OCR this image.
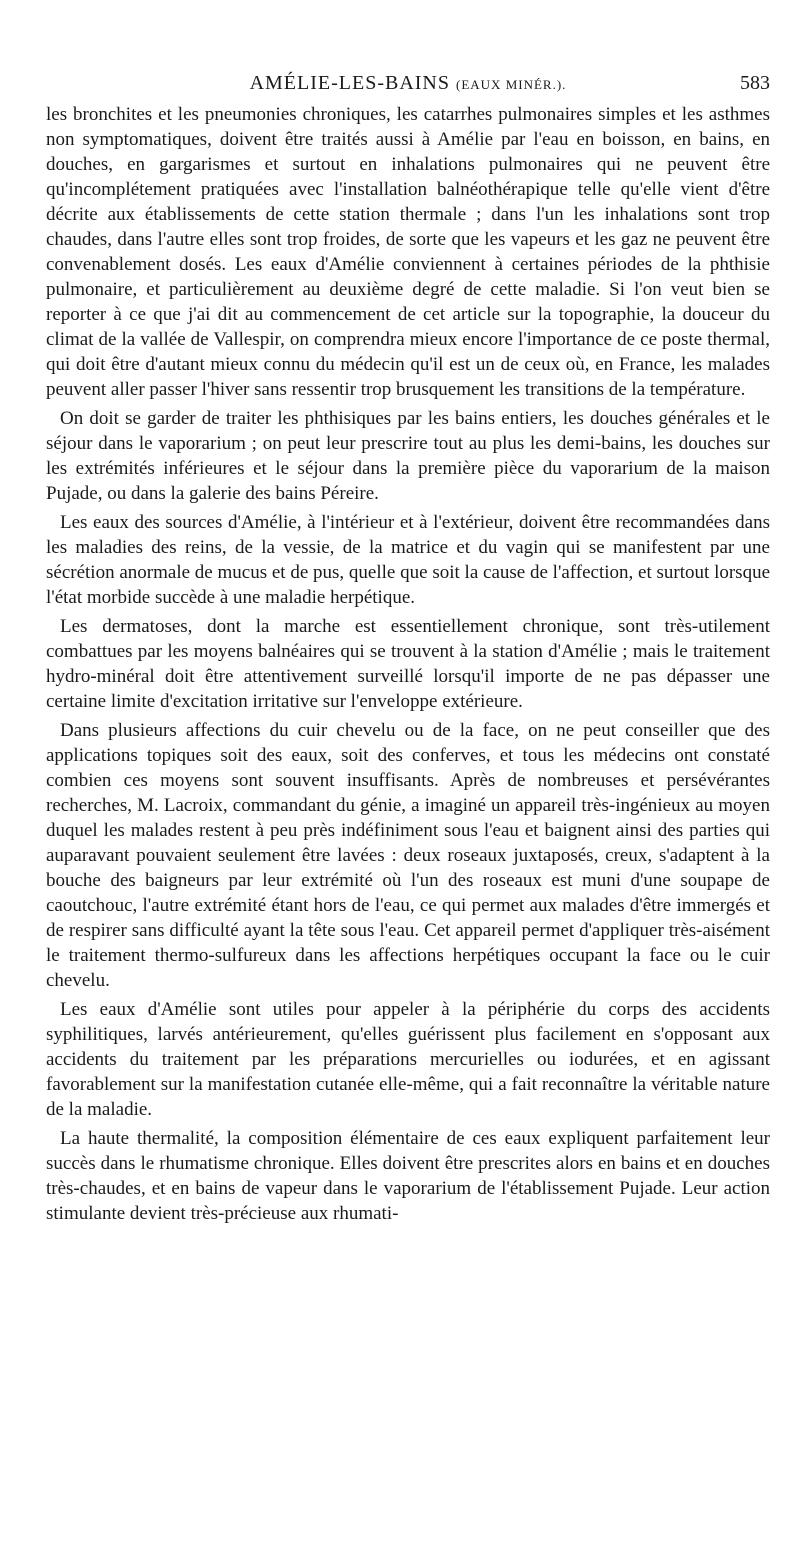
AMÉLIE-LES-BAINS (EAUX MINÉR.).	583

les bronchites et les pneumonies chroniques, les catarrhes pulmonaires simples et les asthmes non symptomatiques, doivent être traités aussi à Amélie par l'eau en boisson, en bains, en douches, en gargarismes et surtout en inhalations pulmonaires qui ne peuvent être qu'incomplétement pratiquées avec l'installation balnéothérapique telle qu'elle vient d'être décrite aux établissements de cette station thermale ; dans l'un les inhalations sont trop chaudes, dans l'autre elles sont trop froides, de sorte que les vapeurs et les gaz ne peuvent être convenablement dosés. Les eaux d'Amélie conviennent à certaines périodes de la phthisie pulmonaire, et particulièrement au deuxième degré de cette maladie. Si l'on veut bien se reporter à ce que j'ai dit au commencement de cet article sur la topographie, la douceur du climat de la vallée de Vallespir, on comprendra mieux encore l'importance de ce poste thermal, qui doit être d'autant mieux connu du médecin qu'il est un de ceux où, en France, les malades peuvent aller passer l'hiver sans ressentir trop brusquement les transitions de la température.

On doit se garder de traiter les phthisiques par les bains entiers, les douches générales et le séjour dans le vaporarium ; on peut leur prescrire tout au plus les demi-bains, les douches sur les extrémités inférieures et le séjour dans la première pièce du vaporarium de la maison Pujade, ou dans la galerie des bains Péreire.

Les eaux des sources d'Amélie, à l'intérieur et à l'extérieur, doivent être recommandées dans les maladies des reins, de la vessie, de la matrice et du vagin qui se manifestent par une sécrétion anormale de mucus et de pus, quelle que soit la cause de l'affection, et surtout lorsque l'état morbide succède à une maladie herpétique.

Les dermatoses, dont la marche est essentiellement chronique, sont très-utilement combattues par les moyens balnéaires qui se trouvent à la station d'Amélie ; mais le traitement hydro-minéral doit être attentivement surveillé lorsqu'il importe de ne pas dépasser une certaine limite d'excitation irritative sur l'enveloppe extérieure.

Dans plusieurs affections du cuir chevelu ou de la face, on ne peut conseiller que des applications topiques soit des eaux, soit des conferves, et tous les médecins ont constaté combien ces moyens sont souvent insuffisants. Après de nombreuses et persévérantes recherches, M. Lacroix, commandant du génie, a imaginé un appareil très-ingénieux au moyen duquel les malades restent à peu près indéfiniment sous l'eau et baignent ainsi des parties qui auparavant pouvaient seulement être lavées : deux roseaux juxtaposés, creux, s'adaptent à la bouche des baigneurs par leur extrémité où l'un des roseaux est muni d'une soupape de caoutchouc, l'autre extrémité étant hors de l'eau, ce qui permet aux malades d'être immergés et de respirer sans difficulté ayant la tête sous l'eau. Cet appareil permet d'appliquer très-aisément le traitement thermo-sulfureux dans les affections herpétiques occupant la face ou le cuir chevelu.

Les eaux d'Amélie sont utiles pour appeler à la périphérie du corps des accidents syphilitiques, larvés antérieurement, qu'elles guérissent plus facilement en s'opposant aux accidents du traitement par les préparations mercurielles ou iodurées, et en agissant favorablement sur la manifestation cutanée elle-même, qui a fait reconnaître la véritable nature de la maladie.

La haute thermalité, la composition élémentaire de ces eaux expliquent parfaitement leur succès dans le rhumatisme chronique. Elles doivent être prescrites alors en bains et en douches très-chaudes, et en bains de vapeur dans le vaporarium de l'établissement Pujade. Leur action stimulante devient très-précieuse aux rhumati-
